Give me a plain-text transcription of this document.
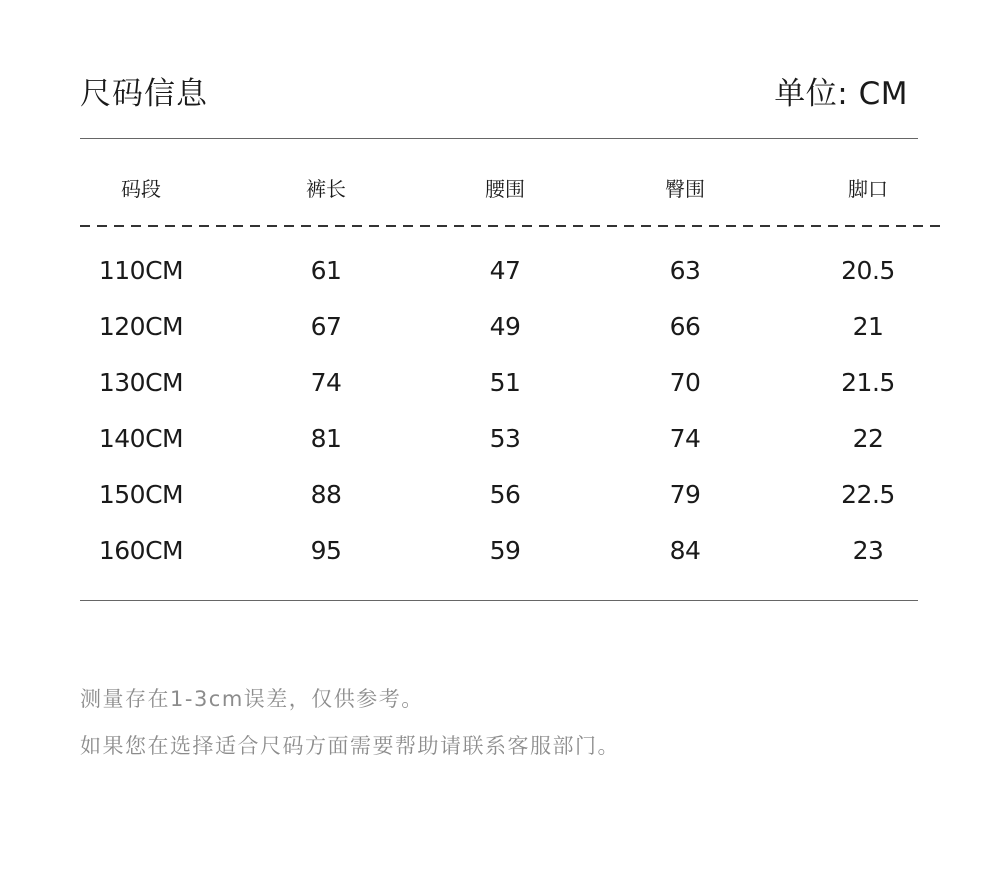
尺码信息	单位: CM
码段	裤长	腰围	臀围	脚口
110CM	61	47	63	20.5
120CM	67	49	66	21
130CM	74	51	70	21.5
140CM	81	53	74	22
150CM	88	56	79	22.5
160CM	95	59	84	23
测量存在1-3cm误差，仅供参考。
如果您在选择适合尺码方面需要帮助请联系客服部门。
